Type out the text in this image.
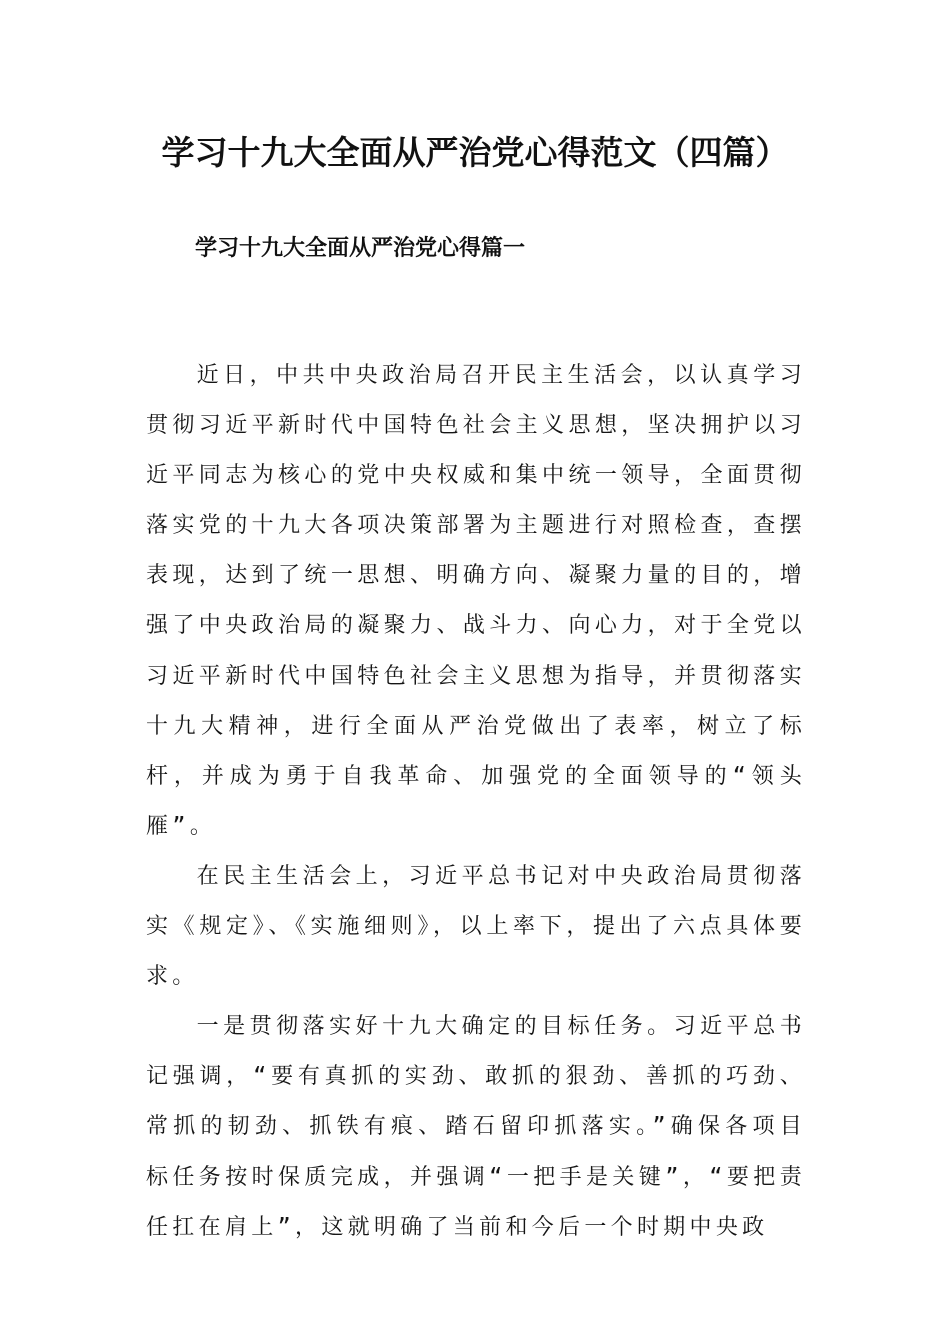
学习十九大全面从严治党心得范文（四篇）
学习十九大全面从严治党心得篇一

近日，中共中央政治局召开民主生活会，以认真学习贯彻习近平新时代中国特色社会主义思想，坚决拥护以习近平同志为核心的党中央权威和集中统一领导，全面贯彻落实党的十九大各项决策部署为主题进行对照检查，查摆表现，达到了统一思想、明确方向、凝聚力量的目的，增强了中央政治局的凝聚力、战斗力、向心力，对于全党以习近平新时代中国特色社会主义思想为指导，并贯彻落实十九大精神，进行全面从严治党做出了表率，树立了标杆，并成为勇于自我革命、加强党的全面领导的“领头雁”。

在民主生活会上，习近平总书记对中央政治局贯彻落实《规定》、《实施细则》，以上率下，提出了六点具体要求。

一是贯彻落实好十九大确定的目标任务。习近平总书记强调，“要有真抓的实劲、敢抓的狠劲、善抓的巧劲、常抓的韧劲、抓铁有痕、踏石留印抓落实。”确保各项目标任务按时保质完成，并强调“一把手是关键”，“要把责任扛在肩上”，这就明确了当前和今后一个时期中央政
